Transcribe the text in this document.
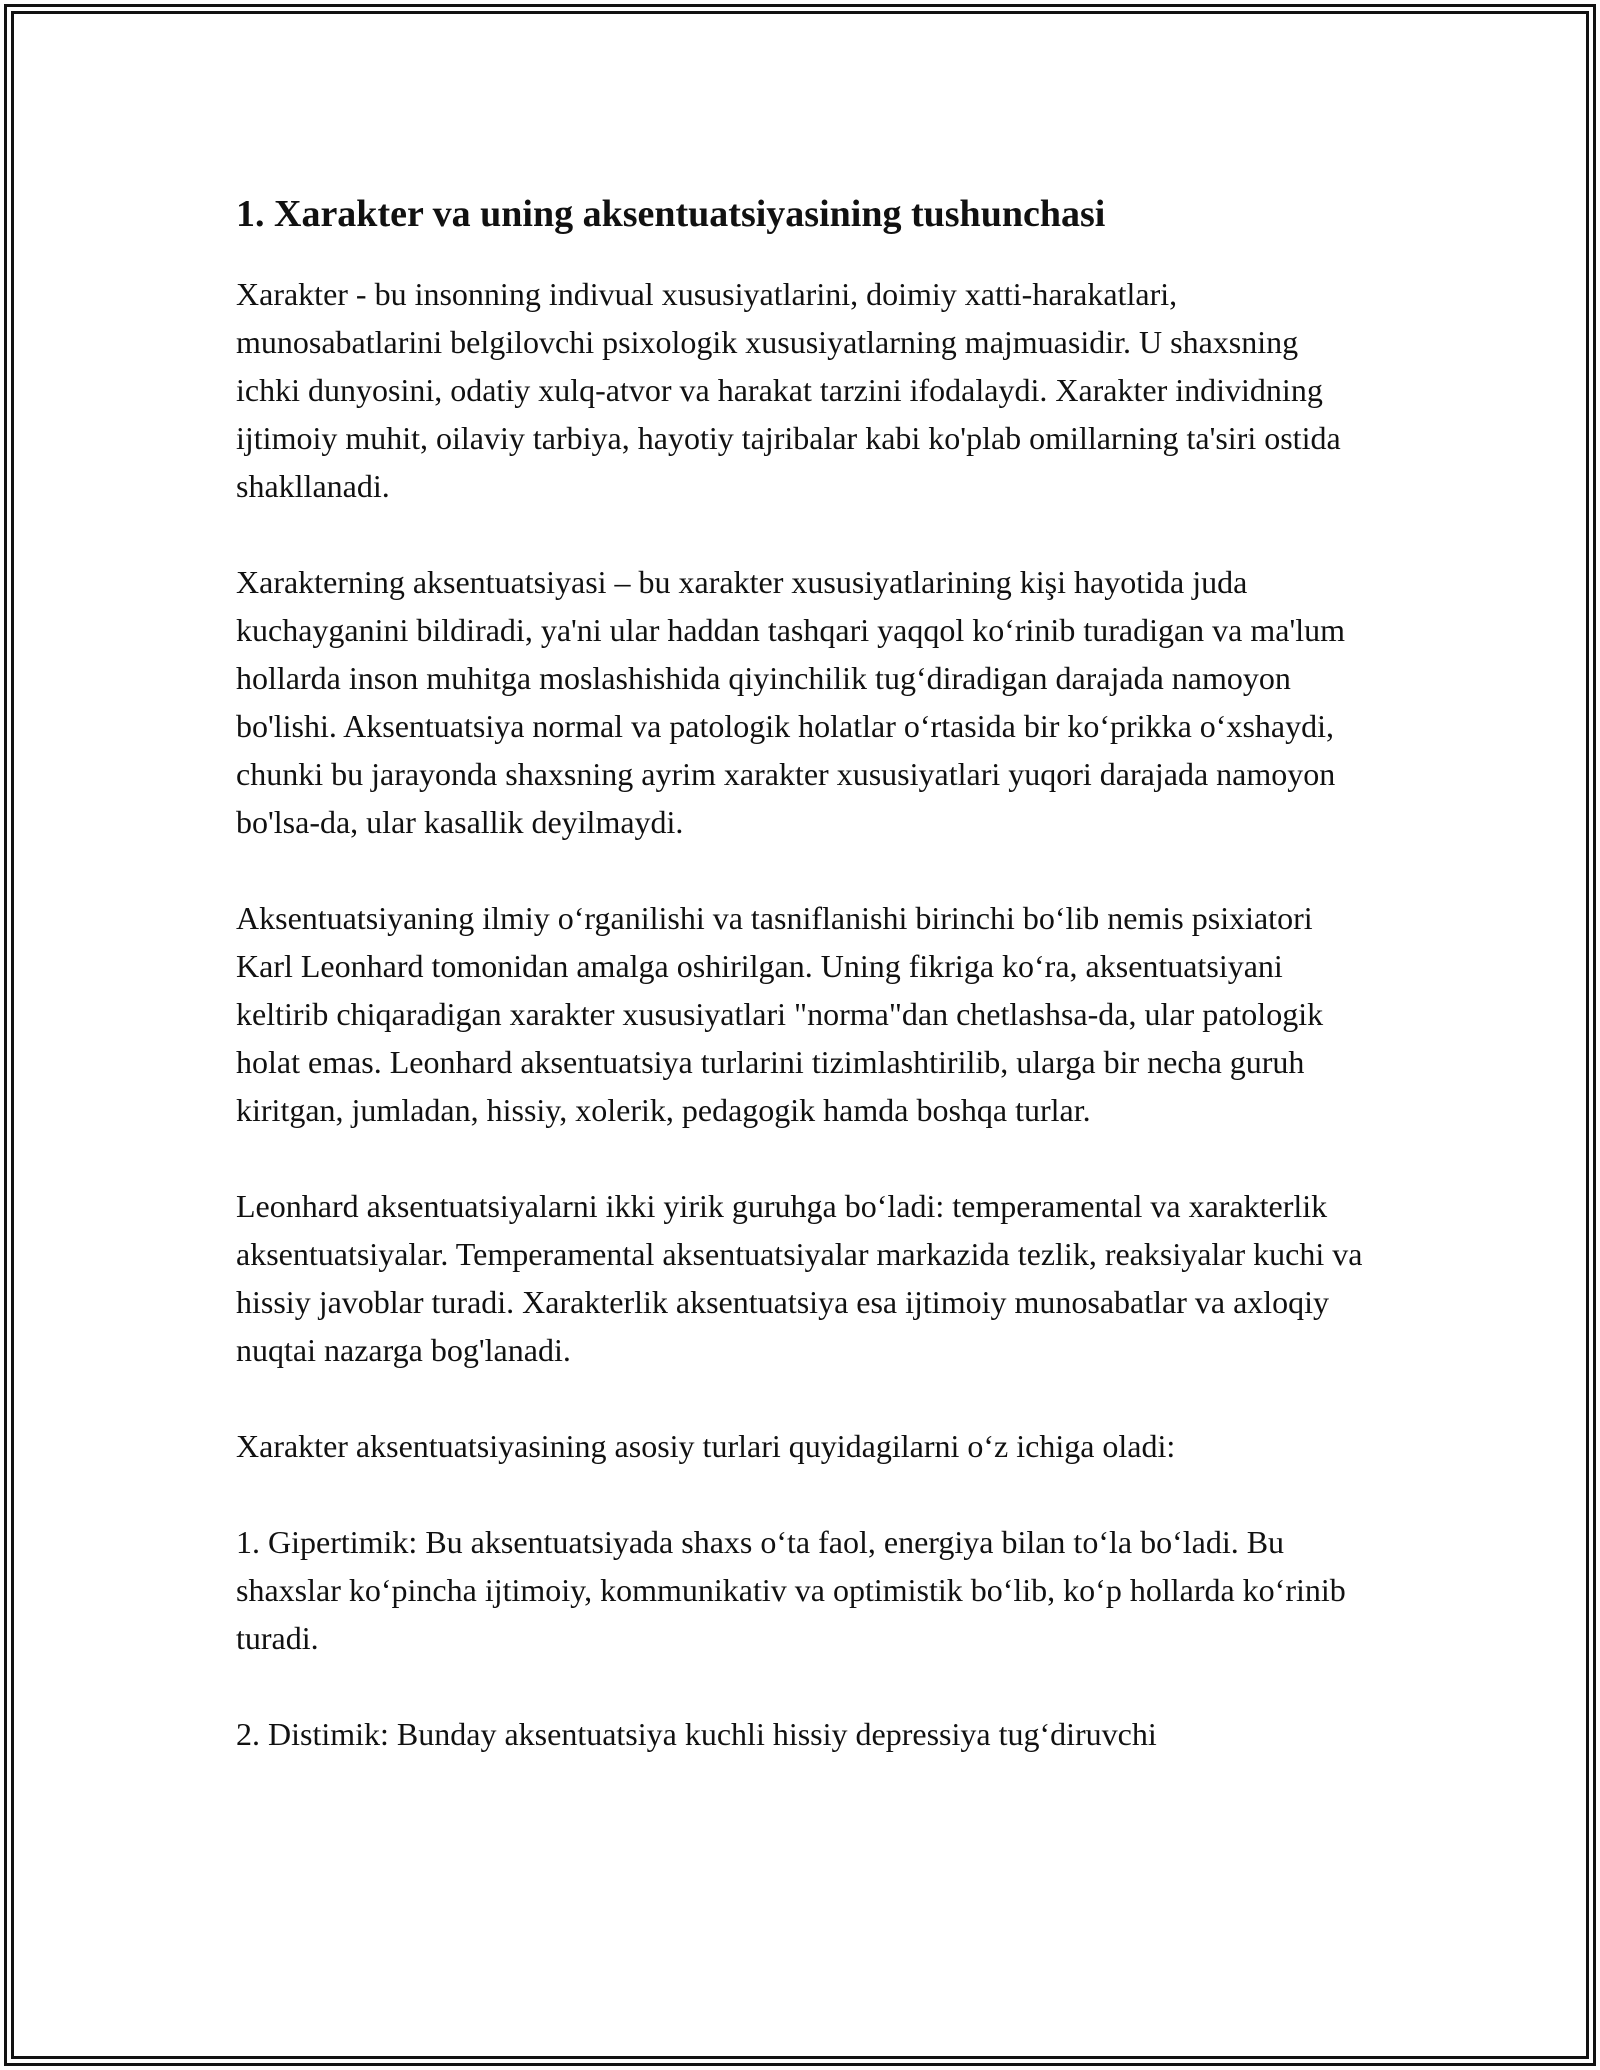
1. Xarakter va uning aksentuatsiyasining tushunchasi

Xarakter - bu insonning indivual xususiyatlarini, doimiy xatti-harakatlari, munosabatlarini belgilovchi psixologik xususiyatlarning majmuasidir. U shaxsning ichki dunyosini, odatiy xulq-atvor va harakat tarzini ifodalaydi. Xarakter individning ijtimoiy muhit, oilaviy tarbiya, hayotiy tajribalar kabi ko'plab omillarning ta'siri ostida shakllanadi.

Xarakterning aksentuatsiyasi – bu xarakter xususiyatlarining kişi hayotida juda kuchayganini bildiradi, ya'ni ular haddan tashqari yaqqol koʻrinib turadigan va ma'lum hollarda inson muhitga moslashishida qiyinchilik tugʻdiradigan darajada namoyon bo'lishi. Aksentuatsiya normal va patologik holatlar oʻrtasida bir koʻprikka oʻxshaydi, chunki bu jarayonda shaxsning ayrim xarakter xususiyatlari yuqori darajada namoyon bo'lsa-da, ular kasallik deyilmaydi.

Aksentuatsiyaning ilmiy oʻrganilishi va tasniflanishi birinchi boʻlib nemis psixiatori Karl Leonhard tomonidan amalga oshirilgan. Uning fikriga koʻra, aksentuatsiyani keltirib chiqaradigan xarakter xususiyatlari "norma"dan chetlashsa-da, ular patologik holat emas. Leonhard aksentuatsiya turlarini tizimlashtirilib, ularga bir necha guruh kiritgan, jumladan, hissiy, xolerik, pedagogik hamda boshqa turlar.

Leonhard aksentuatsiyalarni ikki yirik guruhga boʻladi: temperamental va xarakterlik aksentuatsiyalar. Temperamental aksentuatsiyalar markazida tezlik, reaksiyalar kuchi va hissiy javoblar turadi. Xarakterlik aksentuatsiya esa ijtimoiy munosabatlar va axloqiy nuqtai nazarga bog'lanadi.

Xarakter aksentuatsiyasining asosiy turlari quyidagilarni oʻz ichiga oladi:

1. Gipertimik: Bu aksentuatsiyada shaxs oʻta faol, energiya bilan toʻla boʻladi. Bu shaxslar koʻpincha ijtimoiy, kommunikativ va optimistik boʻlib, koʻp hollarda koʻrinib turadi.

2. Distimik: Bunday aksentuatsiya kuchli hissiy depressiya tugʻdiruvchi
